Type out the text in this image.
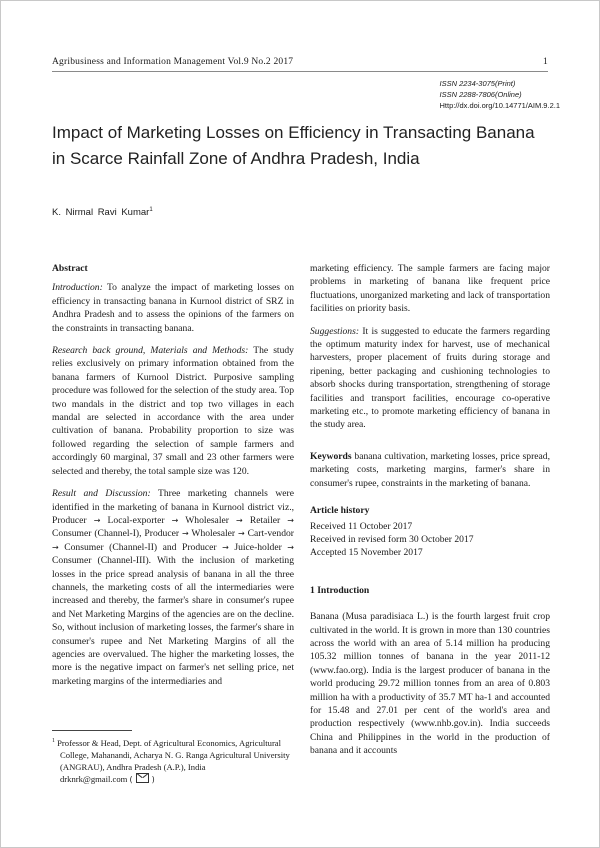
Agribusiness and Information Management Vol.9 No.2 2017	1
ISSN 2234-3075(Print)
ISSN 2288-7806(Online)
Http://dx.doi.org/10.14771/AIM.9.2.1
Impact of Marketing Losses on Efficiency in Transacting Banana in Scarce Rainfall Zone of Andhra Pradesh, India
K. Nirmal Ravi Kumar$^1$
Abstract

Introduction: To analyze the impact of marketing losses on efficiency in transacting banana in Kurnool district of SRZ in Andhra Pradesh and to assess the opinions of the farmers on the constraints in transacting banana.

Research back ground, Materials and Methods: The study relies exclusively on primary information obtained from the banana farmers of Kurnool District. Purposive sampling procedure was followed for the selection of the study area. Top two mandals in the district and top two villages in each mandal are selected in accordance with the area under cultivation of banana. Probability proportion to size was followed regarding the selection of sample farmers and accordingly 60 marginal, 37 small and 23 other farmers were selected and thereby, the total sample size was 120.

Result and Discussion: Three marketing channels were identified in the marketing of banana in Kurnool district viz., Producer → Local-exporter → Wholesaler → Retailer → Consumer (Channel-I), Producer → Wholesaler → Cart-vendor → Consumer (Channel-II) and Producer → Juice-holder → Consumer (Channel-III). With the inclusion of marketing losses in the price spread analysis of banana in all the three channels, the marketing costs of all the intermediaries were increased and thereby, the farmer's share in consumer's rupee and Net Marketing Margins of the agencies are on the decline. So, without inclusion of marketing losses, the farmer's share in consumer's rupee and Net Marketing Margins of all the agencies are overvalued. The higher the marketing losses, the more is the negative impact on farmer's net selling price, net marketing margins of the intermediaries and

$^1$ Professor & Head, Dept. of Agricultural Economics, Agricultural
College, Mahanandi, Acharya N. G. Ranga Agricultural University (ANGRAU), Andhra Pradesh (A.P.), India
drknrk@gmail.com ( )

marketing efficiency. The sample farmers are facing major problems in marketing of banana like frequent price fluctuations, unorganized marketing and lack of transportation facilities on priority basis.

Suggestions: It is suggested to educate the farmers regarding the optimum maturity index for harvest, use of mechanical harvesters, proper placement of fruits during storage and ripening, better packaging and cushioning technologies to absorb shocks during transportation, strengthening of storage facilities and transport facilities, encourage co-operative marketing etc., to promote marketing efficiency of banana in the study area.

Keywords banana cultivation, marketing losses, price spread, marketing costs, marketing margins, farmer's share in consumer's rupee, constraints in the marketing of banana.

Article history
Received 11 October 2017
Received in revised form 30 October 2017
Accepted 15 November 2017
1 Introduction

Banana (Musa paradisiaca L.) is the fourth largest fruit crop cultivated in the world. It is grown in more than 130 countries across the world with an area of 5.14 million ha producing 105.32 million tonnes of banana in the year 2011-12 (www.fao.org). India is the largest producer of banana in the world producing 29.72 million tonnes from an area of 0.803 million ha with a productivity of 35.7 MT ha-1 and accounted for 15.48 and 27.01 per cent of the world's area and production respectively (www.nhb.gov.in). India succeeds China and Philippines in the world in the production of banana and it accounts
